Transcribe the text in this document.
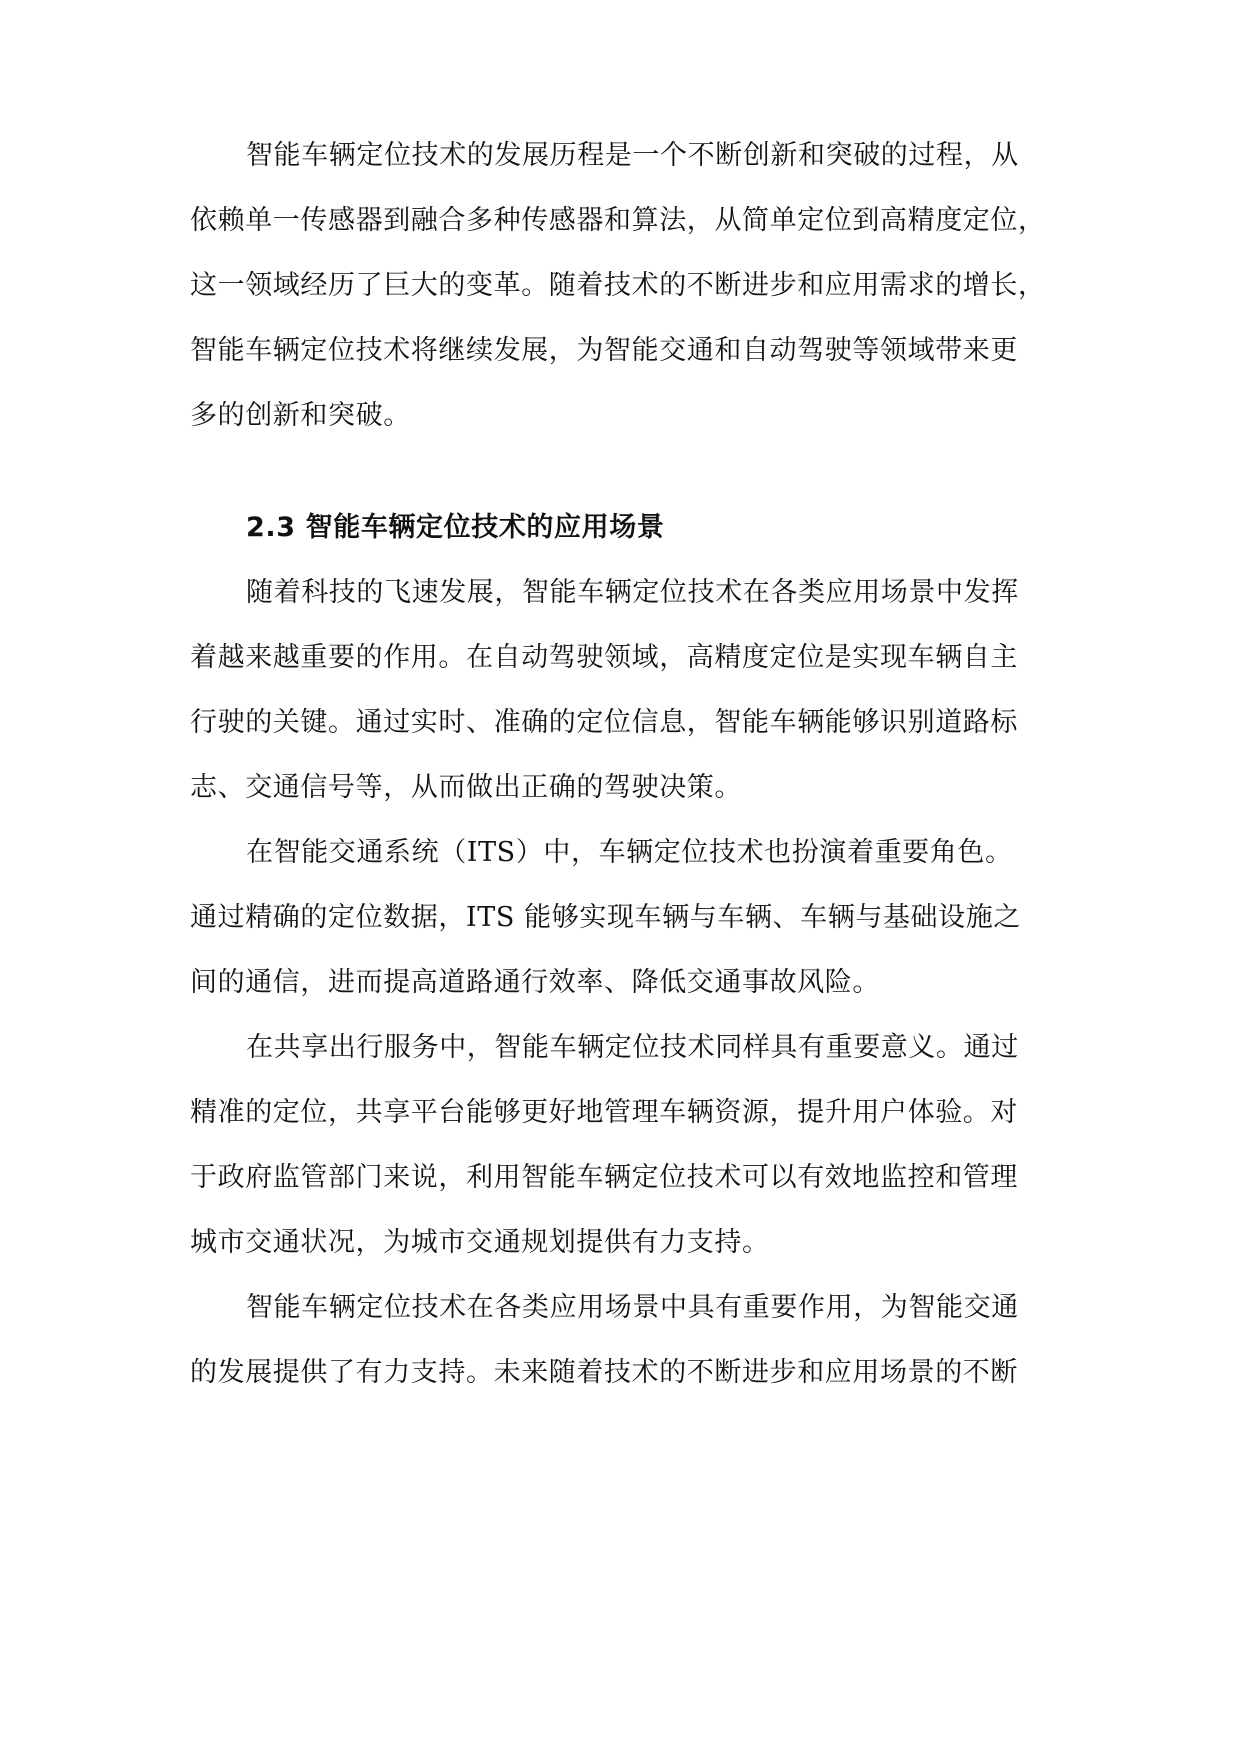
智能车辆定位技术的发展历程是一个不断创新和突破的过程，从
依赖单一传感器到融合多种传感器和算法，从简单定位到高精度定位，
这一领域经历了巨大的变革。随着技术的不断进步和应用需求的增长，
智能车辆定位技术将继续发展，为智能交通和自动驾驶等领域带来更
多的创新和突破。
2.3 智能车辆定位技术的应用场景
随着科技的飞速发展，智能车辆定位技术在各类应用场景中发挥
着越来越重要的作用。在自动驾驶领域，高精度定位是实现车辆自主
行驶的关键。通过实时、准确的定位信息，智能车辆能够识别道路标
志、交通信号等，从而做出正确的驾驶决策。
在智能交通系统（ITS）中，车辆定位技术也扮演着重要角色。
通过精确的定位数据，ITS 能够实现车辆与车辆、车辆与基础设施之
间的通信，进而提高道路通行效率、降低交通事故风险。
在共享出行服务中，智能车辆定位技术同样具有重要意义。通过
精准的定位，共享平台能够更好地管理车辆资源，提升用户体验。对
于政府监管部门来说，利用智能车辆定位技术可以有效地监控和管理
城市交通状况，为城市交通规划提供有力支持。
智能车辆定位技术在各类应用场景中具有重要作用，为智能交通
的发展提供了有力支持。未来随着技术的不断进步和应用场景的不断
